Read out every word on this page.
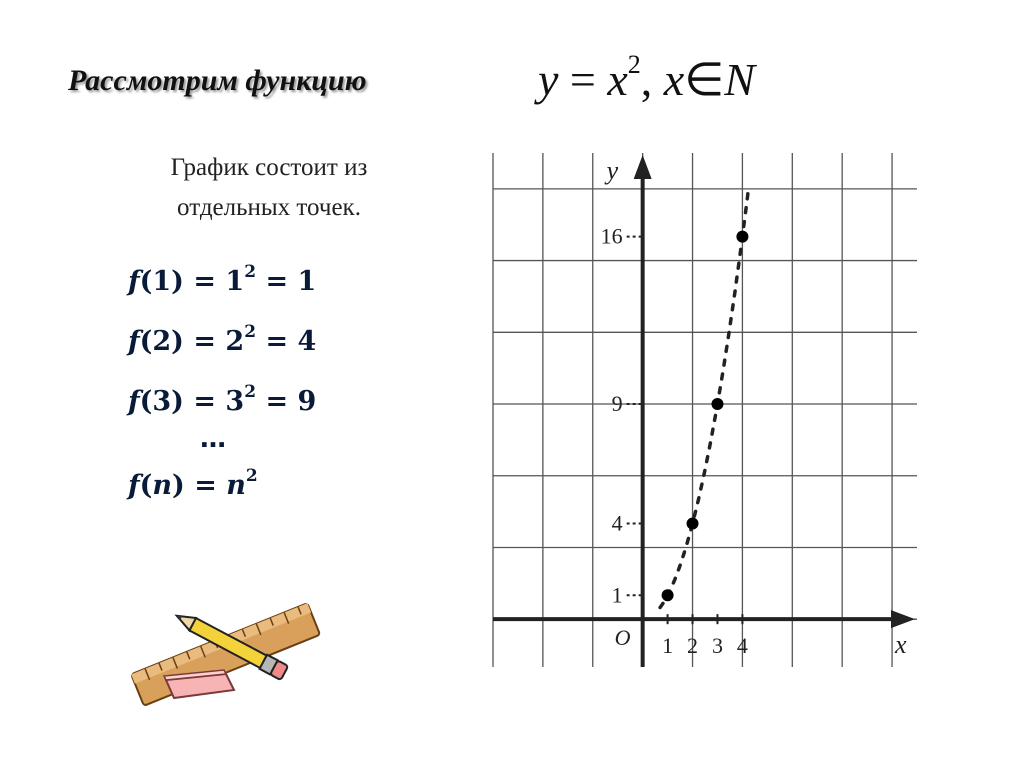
Рассмотрим функцию	$y = x^2$, x∈N
График состоит из
отдельных точек.
$f(1) = 1^2 = 1$
$f(2) = 2^2 = 4$
$f(3) = 3^2 = 9$
…
$f(n) = n^2$
x
y
O 1 2 3 4
1
4
9
16
